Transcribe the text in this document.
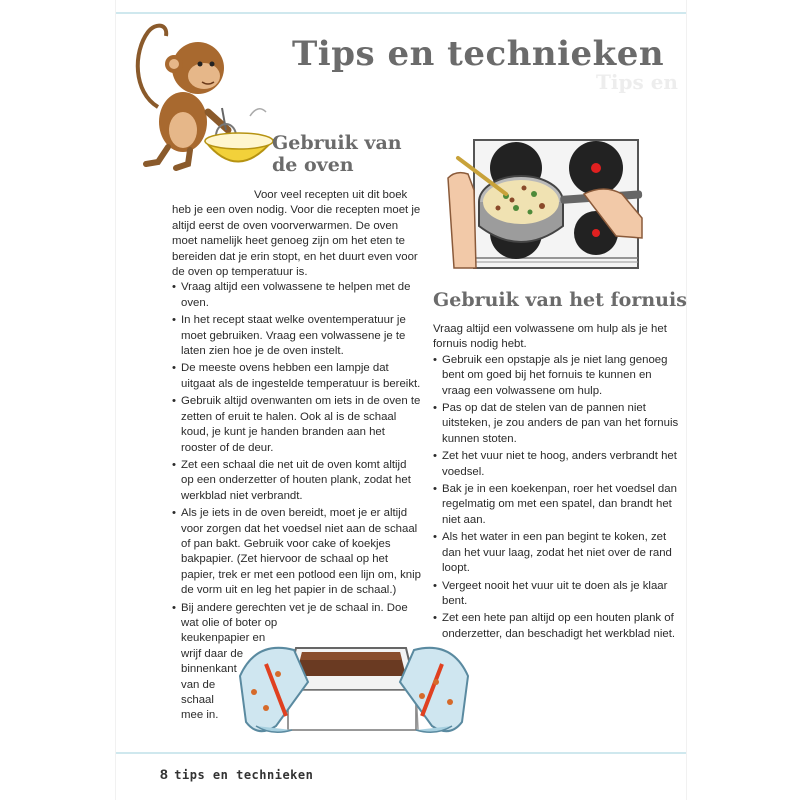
Tips en technieken
Tips en
Gebruik van de oven

Voor veel recepten uit dit boek heb je een oven nodig. Voor die recepten moet je altijd eerst de oven voorverwarmen. De oven moet namelijk heet genoeg zijn om het eten te bereiden dat je erin stopt, en het duurt even voor de oven op temperatuur is.

• Vraag altijd een volwassene te helpen met de oven.
• In het recept staat welke oventemperatuur je moet gebruiken. Vraag een volwassene je te laten zien hoe je de oven instelt.
• De meeste ovens hebben een lampje dat uitgaat als de ingestelde temperatuur is bereikt.
• Gebruik altijd ovenwanten om iets in de oven te zetten of eruit te halen. Ook al is de schaal koud, je kunt je handen branden aan het rooster of de deur.
• Zet een schaal die net uit de oven komt altijd op een onderzetter of houten plank, zodat het werkblad niet verbrandt.
• Als je iets in de oven bereidt, moet je er altijd voor zorgen dat het voedsel niet aan de schaal of pan bakt. Gebruik voor cake of koekjes bakpapier. (Zet hiervoor de schaal op het papier, trek er met een potlood een lijn om, knip de vorm uit en leg het papier in de schaal.)
• Bij andere gerechten vet je de schaal in. Doe
wat olie of boter op
keukenpapier en
wrijf daar de
binnenkant
van de
schaal
mee in.
Gebruik van het fornuis

Vraag altijd een volwassene om hulp als je het fornuis nodig hebt.

• Gebruik een opstapje als je niet lang genoeg bent om goed bij het fornuis te kunnen en vraag een volwassene om hulp.
• Pas op dat de stelen van de pannen niet uitsteken, je zou anders de pan van het fornuis kunnen stoten.
• Zet het vuur niet te hoog, anders verbrandt het voedsel.
• Bak je in een koekenpan, roer het voedsel dan regelmatig om met een spatel, dan brandt het niet aan.
• Als het water in een pan begint te koken, zet dan het vuur laag, zodat het niet over de rand loopt.
• Vergeet nooit het vuur uit te doen als je klaar bent.
• Zet een hete pan altijd op een houten plank of onderzetter, dan beschadigt het werkblad niet.
8 tips en technieken
